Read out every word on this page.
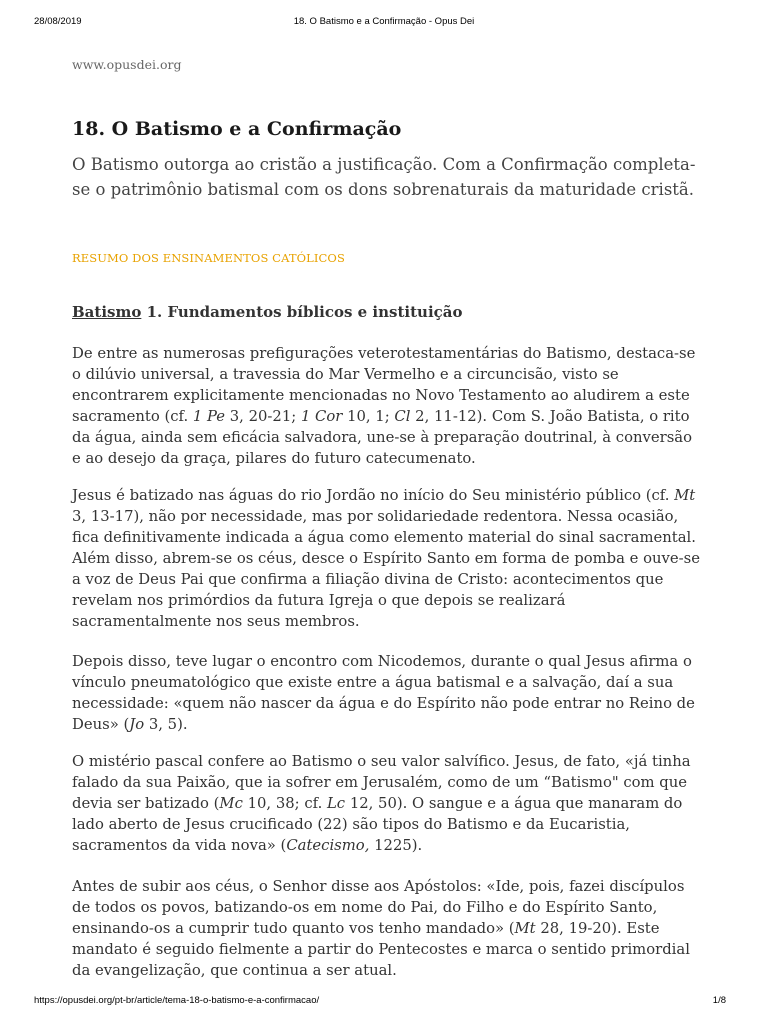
28/08/2019	18. O Batismo e a Confirmação - Opus Dei

www.opusdei.org

18. O Batismo e a Confirmação

O Batismo outorga ao cristão a justificação. Com a Confirmação completa-se o patrimônio batismal com os dons sobrenaturais da maturidade cristã.

RESUMO DOS ENSINAMENTOS CATÓLICOS

Batismo 1. Fundamentos bíblicos e instituição

De entre as numerosas prefigurações veterotestamentárias do Batismo, destaca-se o dilúvio universal, a travessia do Mar Vermelho e a circuncisão, visto se encontrarem explicitamente mencionadas no Novo Testamento ao aludirem a este sacramento (cf. 1 Pe 3, 20-21; 1 Cor 10, 1; Cl 2, 11-12). Com S. João Batista, o rito da água, ainda sem eficácia salvadora, une-se à preparação doutrinal, à conversão e ao desejo da graça, pilares do futuro catecumenato.

Jesus é batizado nas águas do rio Jordão no início do Seu ministério público (cf. Mt 3, 13-17), não por necessidade, mas por solidariedade redentora. Nessa ocasião, fica definitivamente indicada a água como elemento material do sinal sacramental. Além disso, abrem-se os céus, desce o Espírito Santo em forma de pomba e ouve-se a voz de Deus Pai que confirma a filiação divina de Cristo: acontecimentos que revelam nos primórdios da futura Igreja o que depois se realizará sacramentalmente nos seus membros.

Depois disso, teve lugar o encontro com Nicodemos, durante o qual Jesus afirma o vínculo pneumatológico que existe entre a água batismal e a salvação, daí a sua necessidade: «quem não nascer da água e do Espírito não pode entrar no Reino de Deus» (Jo 3, 5).

O mistério pascal confere ao Batismo o seu valor salvífico. Jesus, de fato, «já tinha falado da sua Paixão, que ia sofrer em Jerusalém, como de um “Batismo" com que devia ser batizado (Mc 10, 38; cf. Lc 12, 50). O sangue e a água que manaram do lado aberto de Jesus crucificado (22) são tipos do Batismo e da Eucaristia, sacramentos da vida nova» (Catecismo, 1225).

Antes de subir aos céus, o Senhor disse aos Apóstolos: «Ide, pois, fazei discípulos de todos os povos, batizando-os em nome do Pai, do Filho e do Espírito Santo, ensinando-os a cumprir tudo quanto vos tenho mandado» (Mt 28, 19-20). Este mandato é seguido fielmente a partir do Pentecostes e marca o sentido primordial da evangelização, que continua a ser atual.

https://opusdei.org/pt-br/article/tema-18-o-batismo-e-a-confirmacao/	1/8
